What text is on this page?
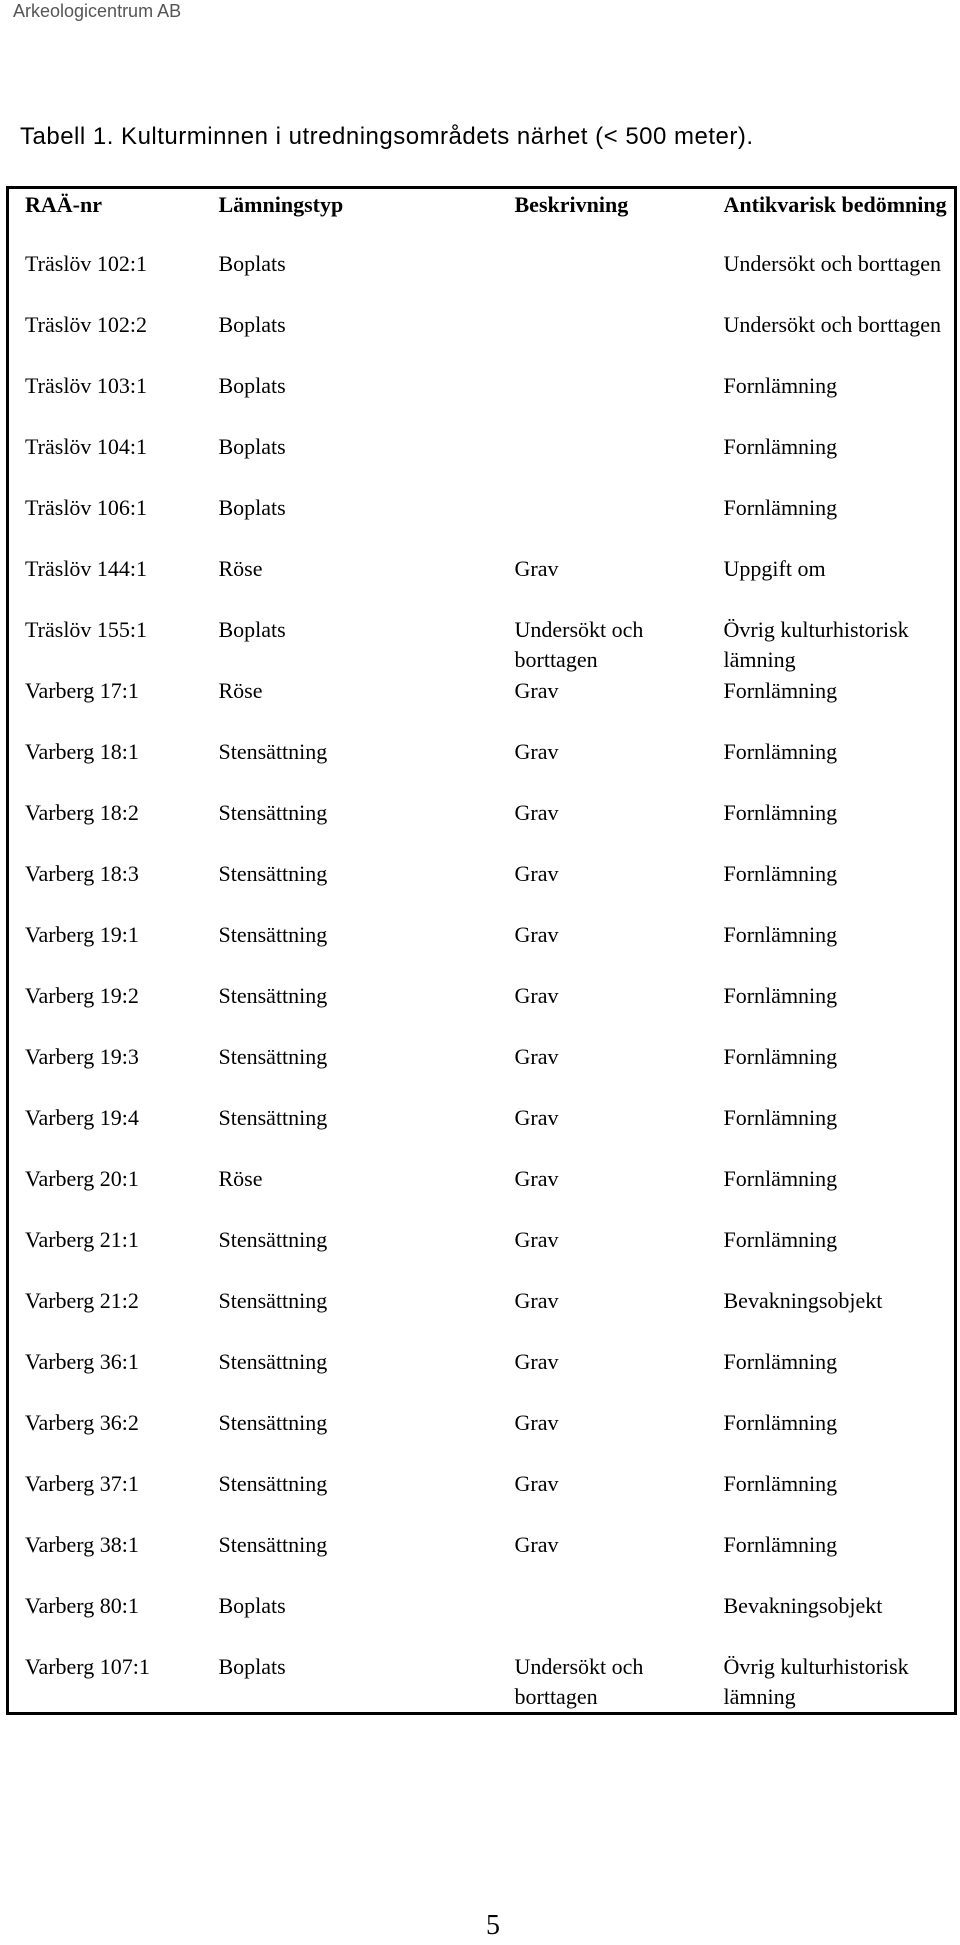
Arkeologicentrum AB
Tabell 1. Kulturminnen i utredningsområdets närhet (< 500 meter).
RAÄ-nr	Lämningstyp	Beskrivning	Antikvarisk bedömning
Träslöv 102:1	Boplats		Undersökt och borttagen
Träslöv 102:2	Boplats		Undersökt och borttagen
Träslöv 103:1	Boplats		Fornlämning
Träslöv 104:1	Boplats		Fornlämning
Träslöv 106:1	Boplats		Fornlämning
Träslöv 144:1	Röse	Grav	Uppgift om
Träslöv 155:1	Boplats	Undersökt och borttagen	Övrig kulturhistorisk lämning
Varberg 17:1	Röse	Grav	Fornlämning
Varberg 18:1	Stensättning	Grav	Fornlämning
Varberg 18:2	Stensättning	Grav	Fornlämning
Varberg 18:3	Stensättning	Grav	Fornlämning
Varberg 19:1	Stensättning	Grav	Fornlämning
Varberg 19:2	Stensättning	Grav	Fornlämning
Varberg 19:3	Stensättning	Grav	Fornlämning
Varberg 19:4	Stensättning	Grav	Fornlämning
Varberg 20:1	Röse	Grav	Fornlämning
Varberg 21:1	Stensättning	Grav	Fornlämning
Varberg 21:2	Stensättning	Grav	Bevakningsobjekt
Varberg 36:1	Stensättning	Grav	Fornlämning
Varberg 36:2	Stensättning	Grav	Fornlämning
Varberg 37:1	Stensättning	Grav	Fornlämning
Varberg 38:1	Stensättning	Grav	Fornlämning
Varberg 80:1	Boplats		Bevakningsobjekt
Varberg 107:1	Boplats	Undersökt och borttagen	Övrig kulturhistorisk lämning
5
